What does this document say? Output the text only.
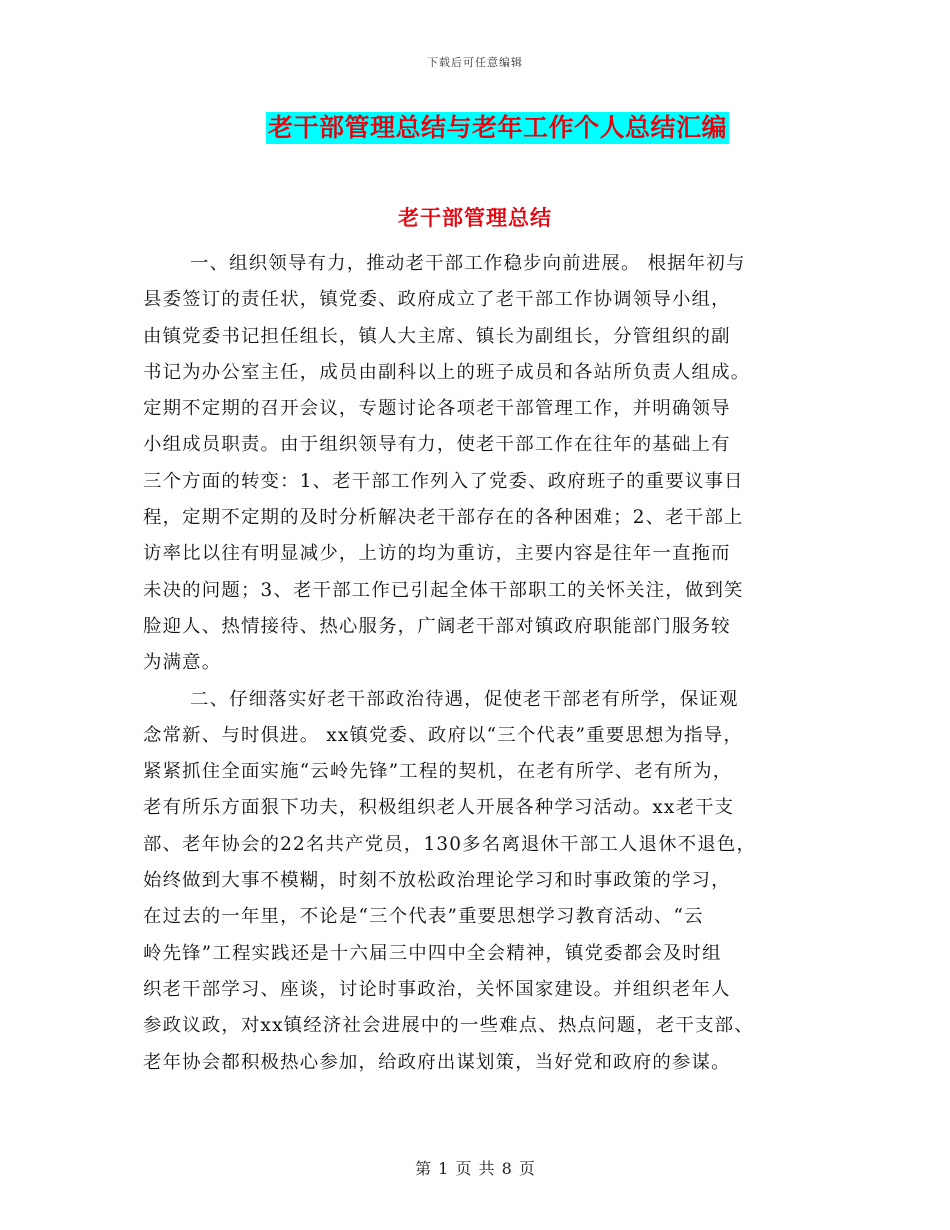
下载后可任意编辑
老干部管理总结与老年工作个人总结汇编
老干部管理总结
一、组织领导有力，推动老干部工作稳步向前进展。 根据年初与
县委签订的责任状，镇党委、政府成立了老干部工作协调领导小组，
由镇党委书记担任组长，镇人大主席、镇长为副组长，分管组织的副
书记为办公室主任，成员由副科以上的班子成员和各站所负责人组成。
定期不定期的召开会议，专题讨论各项老干部管理工作，并明确领导
小组成员职责。由于组织领导有力，使老干部工作在往年的基础上有
三个方面的转变：1、老干部工作列入了党委、政府班子的重要议事日
程，定期不定期的及时分析解决老干部存在的各种困难；2、老干部上
访率比以往有明显减少，上访的均为重访，主要内容是往年一直拖而
未决的问题；3、老干部工作已引起全体干部职工的关怀关注，做到笑
脸迎人、热情接待、热心服务，广阔老干部对镇政府职能部门服务较
为满意。
二、仔细落实好老干部政治待遇，促使老干部老有所学，保证观
念常新、与时俱进。 xx镇党委、政府以“三个代表”重要思想为指导，
紧紧抓住全面实施“云岭先锋”工程的契机，在老有所学、老有所为，
老有所乐方面狠下功夫，积极组织老人开展各种学习活动。xx老干支
部、老年协会的22名共产党员，130多名离退休干部工人退休不退色，
始终做到大事不模糊，时刻不放松政治理论学习和时事政策的学习，
在过去的一年里，不论是“三个代表”重要思想学习教育活动、“云
岭先锋”工程实践还是十六届三中四中全会精神，镇党委都会及时组
织老干部学习、座谈，讨论时事政治，关怀国家建设。并组织老年人
参政议政，对xx镇经济社会进展中的一些难点、热点问题，老干支部、
老年协会都积极热心参加，给政府出谋划策，当好党和政府的参谋。
第 1 页 共 8 页
